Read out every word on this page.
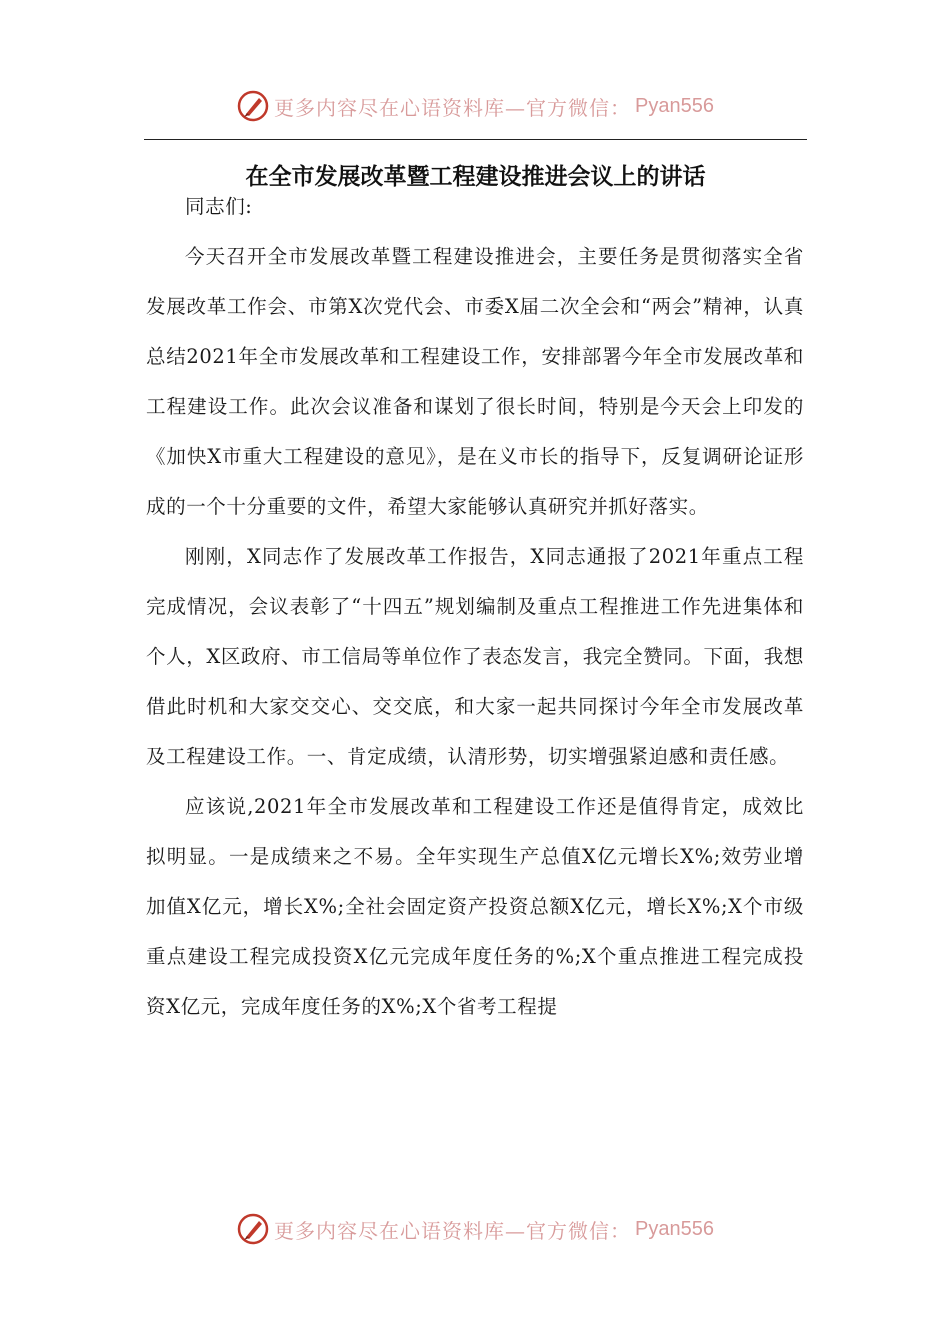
更多内容尽在心语资料库—官方微信： Pyan556
在全市发展改革暨工程建设推进会议上的讲话

同志们:

今天召开全市发展改革暨工程建设推进会，主要任务是贯彻落实全省发展改革工作会、市第X次党代会、市委X届二次全会和“两会”精神，认真总结2021年全市发展改革和工程建设工作，安排部署今年全市发展改革和工程建设工作。此次会议准备和谋划了很长时间，特别是今天会上印发的《加快X市重大工程建设的意见》，是在义市长的指导下，反复调研论证形成的一个十分重要的文件，希望大家能够认真研究并抓好落实。

刚刚，X同志作了发展改革工作报告，X同志通报了2021年重点工程完成情况，会议表彰了“十四五”规划编制及重点工程推进工作先进集体和个人，X区政府、市工信局等单位作了表态发言，我完全赞同。下面，我想借此时机和大家交交心、交交底，和大家一起共同探讨今年全市发展改革及工程建设工作。一、肯定成绩，认清形势，切实增强紧迫感和责任感。

应该说,2021年全市发展改革和工程建设工作还是值得肯定，成效比拟明显。一是成绩来之不易。全年实现生产总值X亿元增长X%;效劳业增加值X亿元，增长X%;全社会固定资产投资总额X亿元，增长X%;X个市级重点建设工程完成投资X亿元完成年度任务的%;X个重点推进工程完成投资X亿元，完成年度任务的X%;X个省考工程提

更多内容尽在心语资料库—官方微信： Pyan556
